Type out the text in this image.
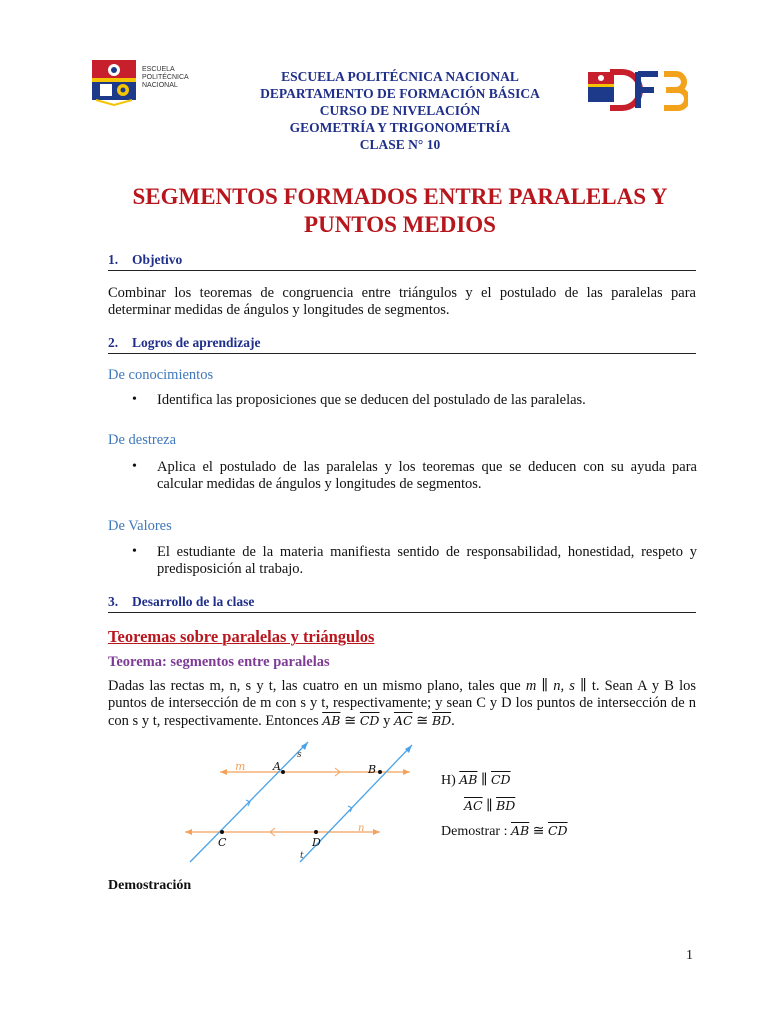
ESCUELA
POLITÉCNICA
NACIONAL
ESCUELA POLITÉCNICA NACIONAL
DEPARTAMENTO DE FORMACIÓN BÁSICA
CURSO DE NIVELACIÓN
GEOMETRÍA Y TRIGONOMETRÍA
CLASE N° 10
SEGMENTOS FORMADOS ENTRE PARALELAS Y
PUNTOS MEDIOS
1. Objetivo
Combinar los teoremas de congruencia entre triángulos y el postulado de las paralelas para determinar medidas de ángulos y longitudes de segmentos.
2. Logros de aprendizaje
De conocimientos
•	Identifica las proposiciones que se deducen del postulado de las paralelas.
De destreza
•	Aplica el postulado de las paralelas y los teoremas que se deducen con su ayuda para calcular medidas de ángulos y longitudes de segmentos.
De Valores
•	El estudiante de la materia manifiesta sentido de responsabilidad, honestidad, respeto y predisposición al trabajo.
3. Desarrollo de la clase
Teoremas sobre paralelas y triángulos
Teorema: segmentos entre paralelas
Dadas las rectas m, n, s y t, las cuatro en un mismo plano, tales que m ∥ n, s ∥ t. Sean A y B los puntos de intersección de m con s y t, respectivamente; y sean C y D los puntos de intersección de n con s y t, respectivamente. Entonces $\overline{AB}$ ≅ $\overline{CD}$ y $\overline{AC}$ ≅ $\overline{BD}$.
m
n
s
t
A	B
C	D
H) $\overline{AB}$ ∥ $\overline{CD}$
$\overline{AC}$ ∥ $\overline{BD}$
Demostrar : $\overline{AB}$ ≅ $\overline{CD}$
Demostración
1
